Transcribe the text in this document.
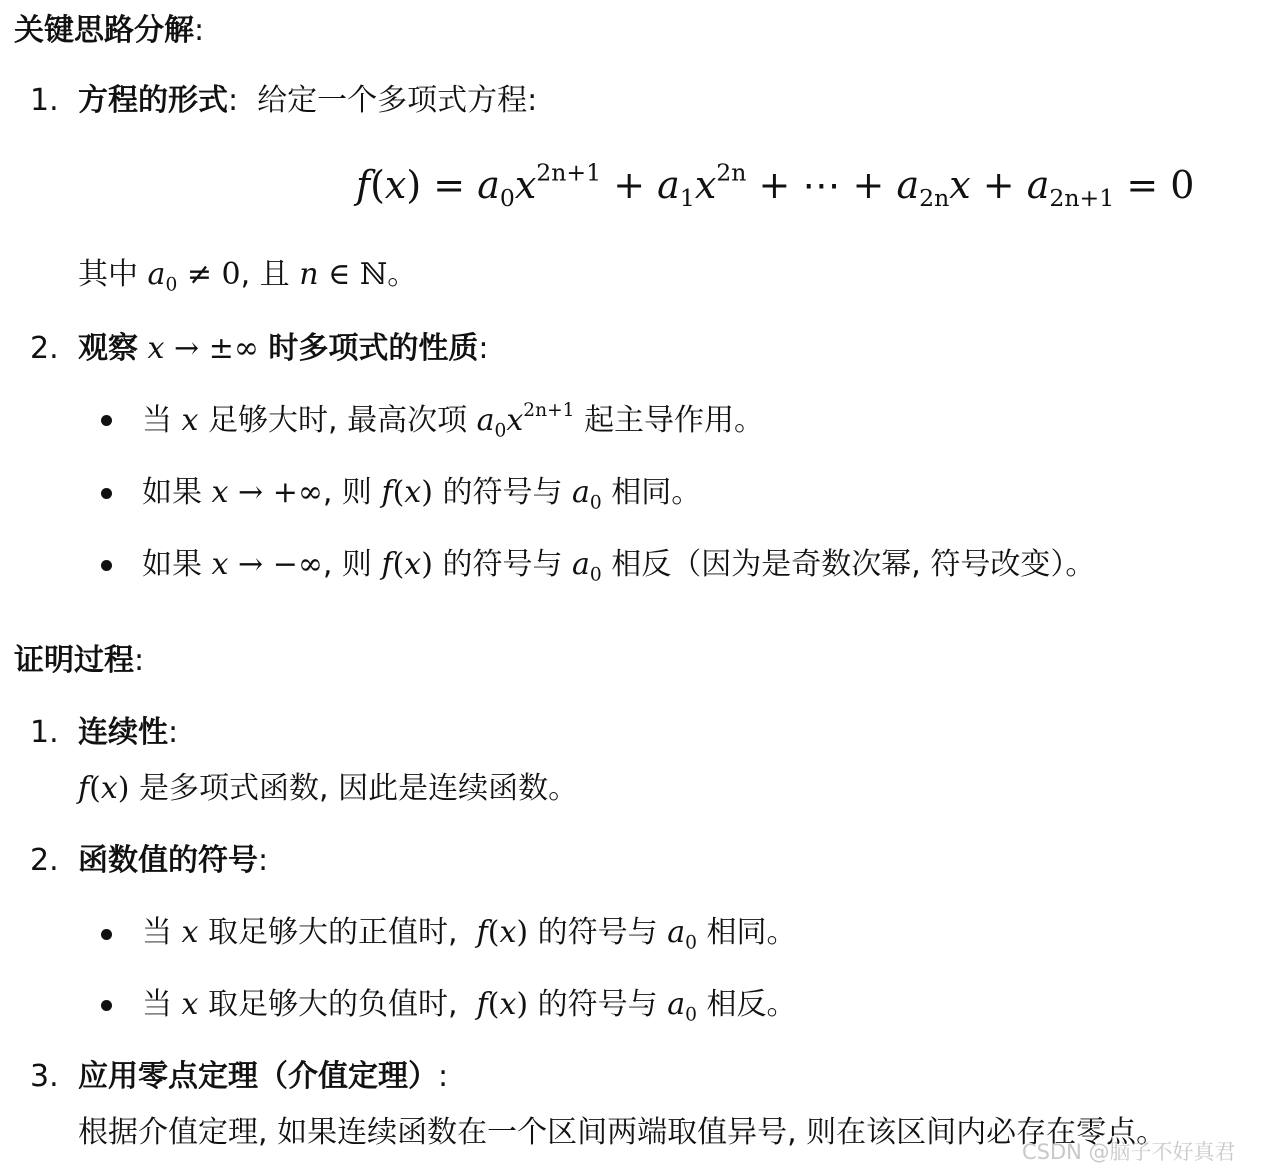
关键思路分解:
1. 方程的形式: 给定一个多项式方程:
$f(x) = a_0x^{2n+1} + a_1x^{2n}$ + ⋯ + $a_{2n}x + a_{2n+1} = 0$
其中 $a_0 \ne 0$, 且 n ∈ ℕ。
2. 观察 x → ±∞ 时多项式的性质:
当 x 足够大时, 最高次项 $a_0x^{2n+1}$ 起主导作用。
如果 x → +∞, 则 f(x) 的符号与 $a_0$ 相同。
如果 x → −∞, 则 f(x) 的符号与 $a_0$ 相反（因为是奇数次幂, 符号改变）。
证明过程:
1. 连续性:
f(x) 是多项式函数, 因此是连续函数。
2. 函数值的符号:
当 x 取足够大的正值时, f(x) 的符号与 $a_0$ 相同。
当 x 取足够大的负值时, f(x) 的符号与 $a_0$ 相反。
3. 应用零点定理（介值定理）:
根据介值定理, 如果连续函数在一个区间两端取值异号, 则在该区间内必存在零点。
CSDN @脑子不好真君
